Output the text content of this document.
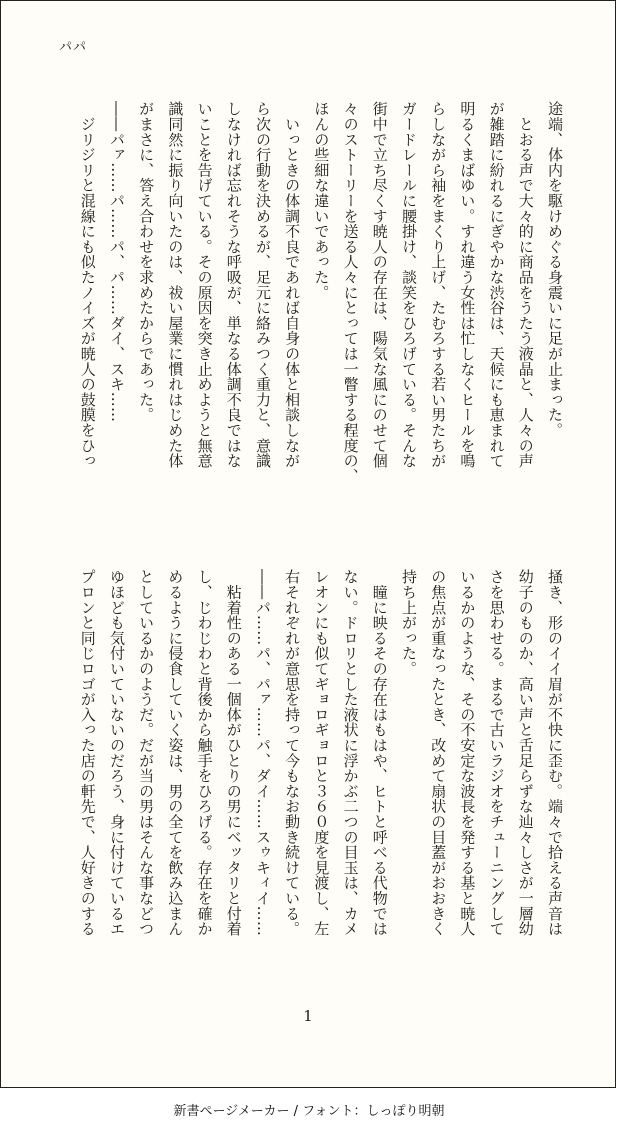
パパ

途端、体内を駆けめぐる身震いに足が止まった。

　とおる声で大々的に商品をうたう液晶と、人々の声

が雑踏に紛れるにぎやかな渋谷は、天候にも恵まれて

明るくまばゆい。すれ違う女性は忙しなくヒールを鳴

らしながら袖をまくり上げ、たむろする若い男たちが

ガードレールに腰掛け、談笑をひろげている。そんな

街中で立ち尽くす暁人の存在は、陽気な風にのせて個

々のストーリーを送る人々にとっては一瞥する程度の、

ほんの些細な違いであった。

　いっときの体調不良であれば自身の体と相談しなが

ら次の行動を決めるが、足元に絡みつく重力と、意識

しなければ忘れそうな呼吸が、単なる体調不良ではな

いことを告げている。その原因を突き止めようと無意

識同然に振り向いたのは、祓い屋業に慣れはじめた体

がまさに、答え合わせを求めたからであった。

――パァ……パ……パ、パ……ダイ、スキ……

　ジリジリと混線にも似たノイズが暁人の鼓膜をひっ

掻き、形のイイ眉が不快に歪む。端々で拾える声音は

幼子のものか、高い声と舌足らずな辿々しさが一層幼

さを思わせる。まるで古いラジオをチューニングして

いるかのような、その不安定な波長を発する基と暁人

の焦点が重なったとき、改めて扇状の目蓋がおおきく

持ち上がった。

　瞳に映るその存在はもはや、ヒトと呼べる代物では

ない。ドロリとした液状に浮かぶ二つの目玉は、カメ

レオンにも似てギョロギョロと３６０度を見渡し、左

右それぞれが意思を持って今もなお動き続けている。

――パ……パ、パァ……パ、ダイ……スゥキィイ……

　粘着性のある一個体がひとりの男にベッタリと付着

し、じわじわと背後から触手をひろげる。存在を確か

めるように侵食していく姿は、男の全てを飲み込まん

としているかのようだ。だが当の男はそんな事などつ

ゆほども気付いていないのだろう、身に付けているエ

プロンと同じロゴが入った店の軒先で、人好きのする

1
新書ページメーカー / フォント：しっぽり明朝
